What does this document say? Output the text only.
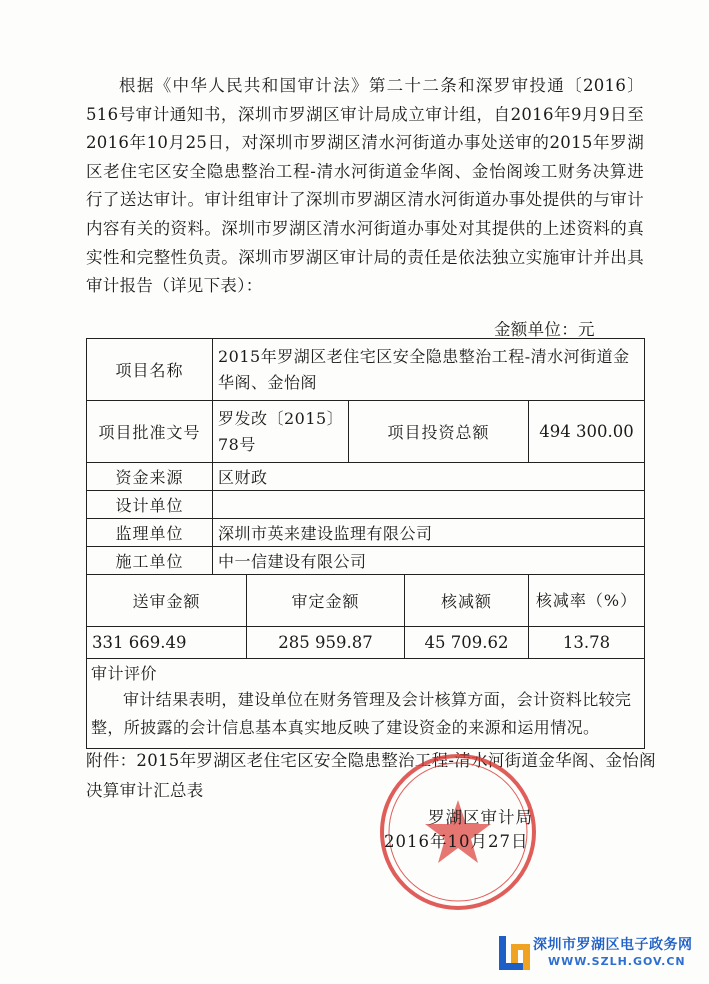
根据《中华人民共和国审计法》第二十二条和深罗审投通〔2016〕516号审计通知书，深圳市罗湖区审计局成立审计组，自2016年9月9日至2016年10月25日，对深圳市罗湖区清水河街道办事处送审的2015年罗湖区老住宅区安全隐患整治工程-清水河街道金华阁、金怡阁竣工财务决算进行了送达审计。审计组审计了深圳市罗湖区清水河街道办事处提供的与审计内容有关的资料。深圳市罗湖区清水河街道办事处对其提供的上述资料的真实性和完整性负责。深圳市罗湖区审计局的责任是依法独立实施审计并出具审计报告（详见下表）：

金额单位：元
项目名称	2015年罗湖区老住宅区安全隐患整治工程-清水河街道金华阁、金怡阁				
项目批准文号	罗发改〔2015〕78号		项目投资总额		494 300.00
资金来源	区财政				
设计单位					
监理单位	深圳市英来建设监理有限公司				
施工单位	中一信建设有限公司				
送审金额		审定金额		核减额	核减率（%）
331 669.49		285 959.87		45 709.62	13.78

审计评价

审计结果表明，建设单位在财务管理及会计核算方面，会计资料比较完整，所披露的会计信息基本真实地反映了建设资金的来源和运用情况。					

附件：2015年罗湖区老住宅区安全隐患整治工程-清水河街道金华阁、金怡阁决算审计汇总表

罗湖区审计局
2016年10月27日
深圳市罗湖区电子政务网
WWW.SZLH.GOV.CN
